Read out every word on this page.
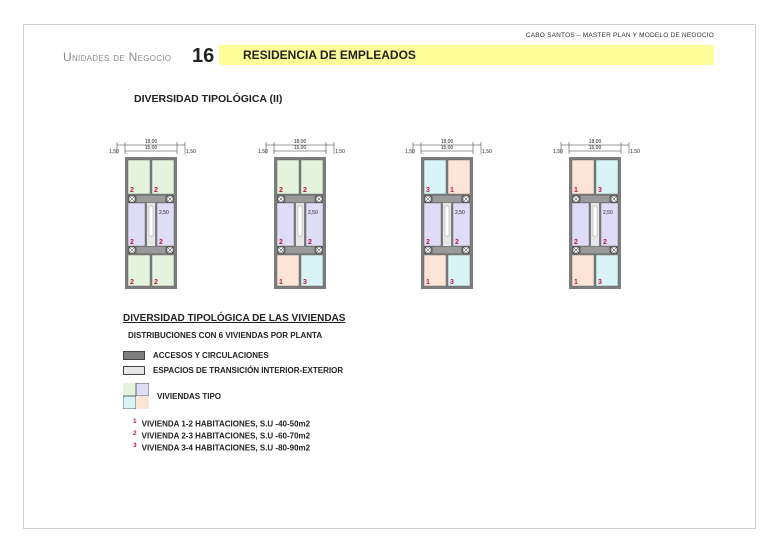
CABO SANTOS – MASTER PLAN Y MODELO DE NEGOCIO
Unidades de Negocio 16 RESIDENCIA DE EMPLEADOS
DIVERSIDAD TIPOLÓGICA (II)
18,00
15,00
1,50	1,50
2	2
2	2
2	2
2,50
18,00
15,00
1,50	1,50
2	2
2	2
1	3
2,50
18,00
15,00
1,50	1,50
3	1
2	2
1	3
2,50
18,00
15,00
1,50	1,50
1	3
2	2
1	3
2,50
DIVERSIDAD TIPOLÓGICA DE LAS VIVIENDAS
DISTRIBUCIONES CON 6 VIVIENDAS POR PLANTA
ACCESOS Y CIRCULACIONES
ESPACIOS DE TRANSICIÓN INTERIOR-EXTERIOR
VIVIENDAS TIPO
$^1$ VIVIENDA 1-2 HABITACIONES, S.U -40-50m2
$^2$ VIVIENDA 2-3 HABITACIONES, S.U -60-70m2
$^3$ VIVIENDA 3-4 HABITACIONES, S.U -80-90m2
